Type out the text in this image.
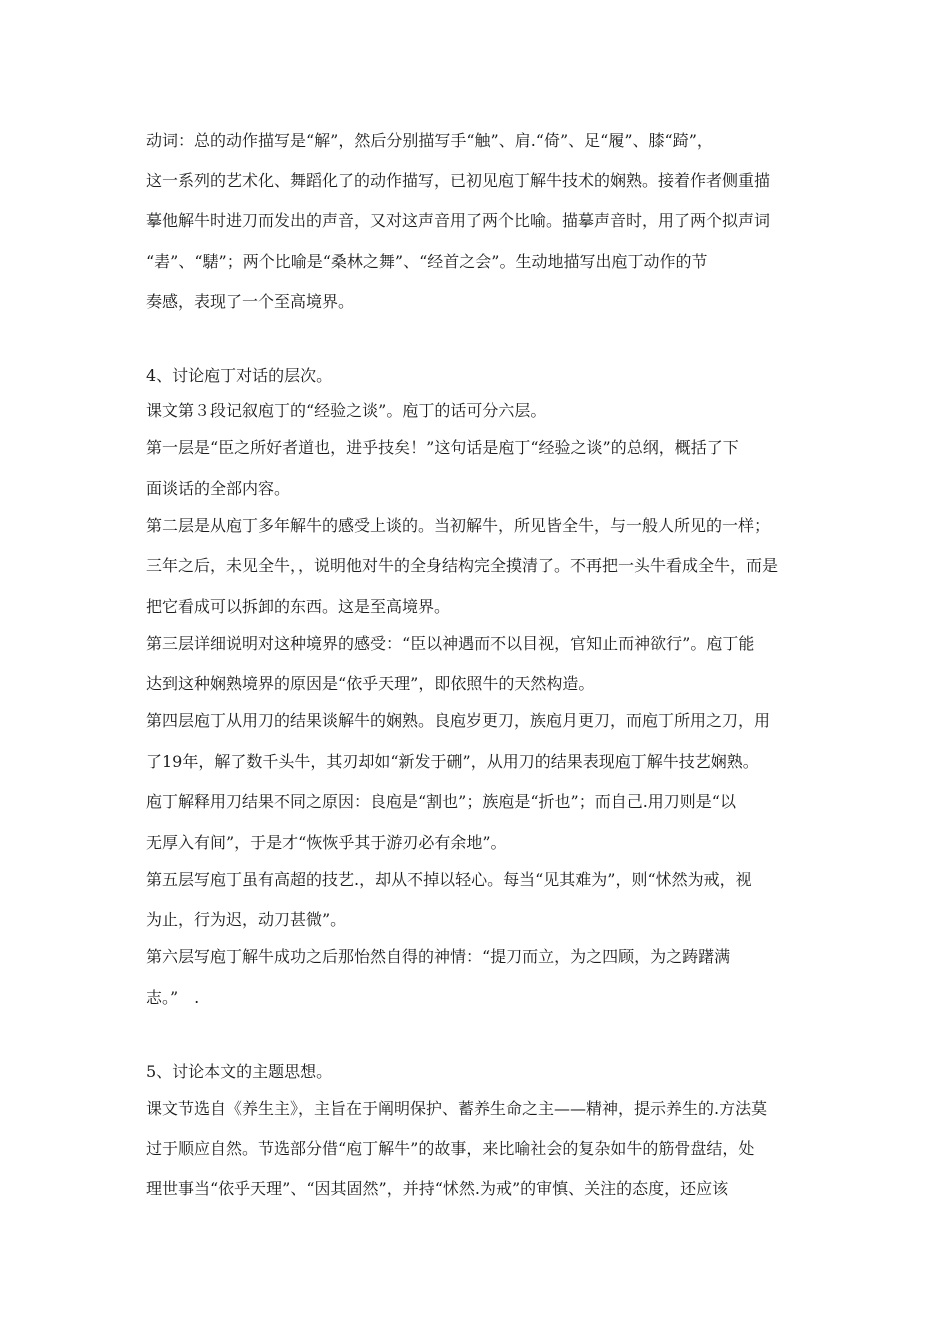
动词：总的动作描写是“解”，然后分别描写手“触”、肩.“倚”、足“履”、膝“踦”，
这一系列的艺术化、舞蹈化了的动作描写，已初见庖丁解牛技术的娴熟。接着作者侧重描
摹他解牛时进刀而发出的声音，又对这声音用了两个比喻。描摹声音时，用了两个拟声词
“砉”、“騞”；两个比喻是“桑林之舞”、“经首之会”。生动地描写出庖丁动作的节
奏感，表现了一个至高境界。
4、讨论庖丁对话的层次。
课文第３段记叙庖丁的“经验之谈”。庖丁的话可分六层。
第一层是“臣之所好者道也，进乎技矣！”这句话是庖丁“经验之谈”的总纲，概括了下
面谈话的全部内容。
第二层是从庖丁多年解牛的感受上谈的。当初解牛，所见皆全牛，与一般人所见的一样；
三年之后，未见全牛，，说明他对牛的全身结构完全摸清了。不再把一头牛看成全牛，而是
把它看成可以拆卸的东西。这是至高境界。
第三层详细说明对这种境界的感受：“臣以神遇而不以目视，官知止而神欲行”。庖丁能
达到这种娴熟境界的原因是“依乎天理”，即依照牛的天然构造。
第四层庖丁从用刀的结果谈解牛的娴熟。良庖岁更刀，族庖月更刀，而庖丁所用之刀，用
了19年，解了数千头牛，其刃却如“新发于硎”，从用刀的结果表现庖丁解牛技艺娴熟。
庖丁解释用刀结果不同之原因：良庖是“割也”；族庖是“折也”；而自己.用刀则是“以
无厚入有间”，于是才“恢恢乎其于游刃必有余地”。
第五层写庖丁虽有高超的技艺.，却从不掉以轻心。每当“见其难为”，则“怵然为戒，视
为止，行为迟，动刀甚微”。
第六层写庖丁解牛成功之后那怡然自得的神情：“提刀而立，为之四顾，为之踌躇满
志。”　.
5、讨论本文的主题思想。
课文节选自《养生主》，主旨在于阐明保护、蓄养生命之主——精神，提示养生的.方法莫
过于顺应自然。节选部分借“庖丁解牛”的故事，来比喻社会的复杂如牛的筋骨盘结，处
理世事当“依乎天理”、“因其固然”，并持“怵然.为戒”的审慎、关注的态度，还应该
